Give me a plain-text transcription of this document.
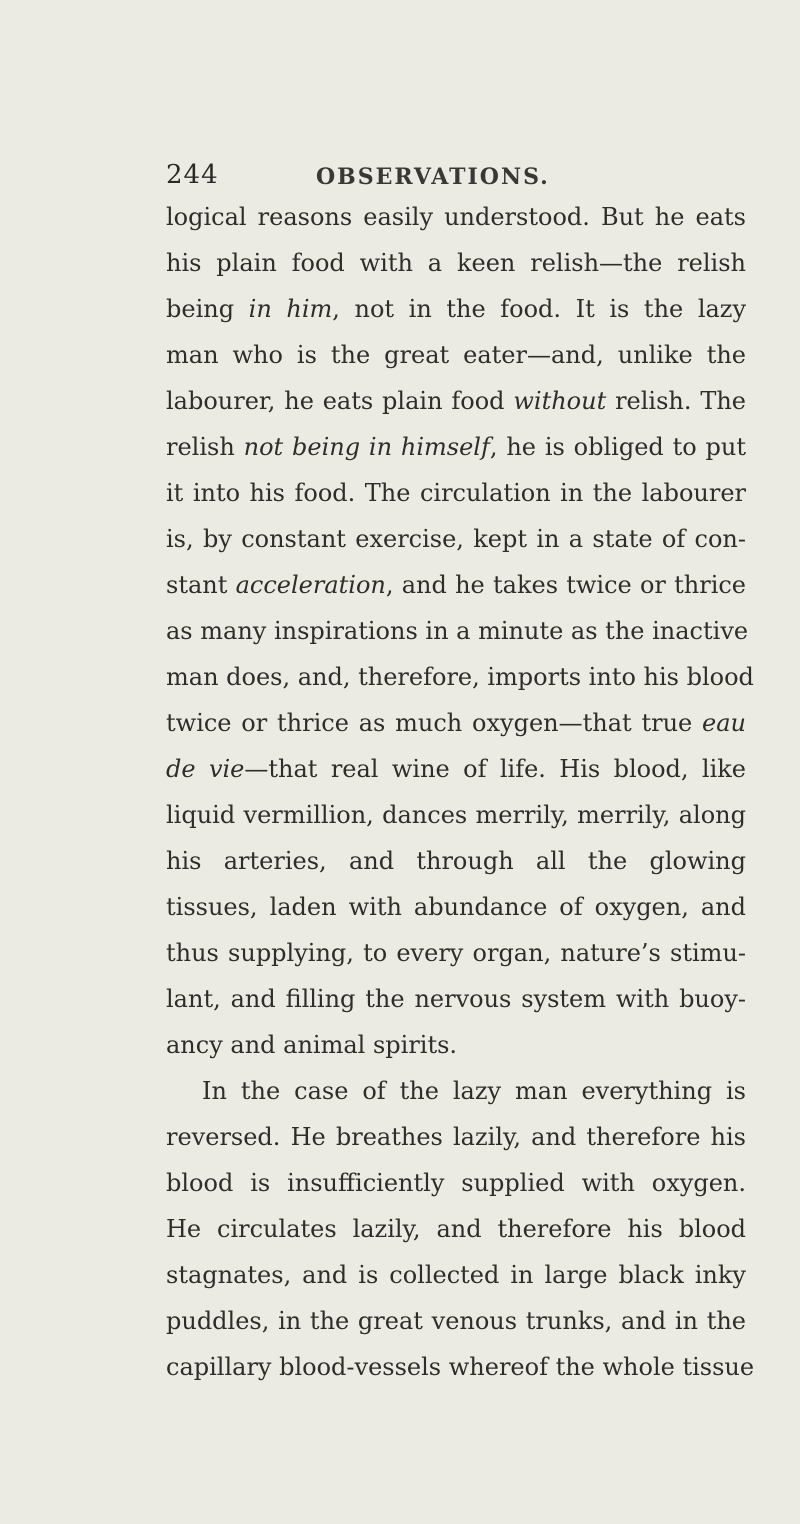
244	OBSERVATIONS.
logical reasons easily understood. But he eats
his plain food with a keen relish—the relish
being in him, not in the food. It is the lazy
man who is the great eater—and, unlike the
labourer, he eats plain food without relish. The
relish not being in himself, he is obliged to put
it into his food. The circulation in the labourer
is, by constant exercise, kept in a state of con-
stant acceleration, and he takes twice or thrice
as many inspirations in a minute as the inactive
man does, and, therefore, imports into his blood
twice or thrice as much oxygen—that true eau
de vie—that real wine of life. His blood, like
liquid vermillion, dances merrily, merrily, along
his arteries, and through all the glowing
tissues, laden with abundance of oxygen, and
thus supplying, to every organ, nature’s stimu-
lant, and filling the nervous system with buoy-
ancy and animal spirits.
In the case of the lazy man everything is
reversed. He breathes lazily, and therefore his
blood is insufficiently supplied with oxygen.
He circulates lazily, and therefore his blood
stagnates, and is collected in large black inky
puddles, in the great venous trunks, and in the
capillary blood-vessels whereof the whole tissue
